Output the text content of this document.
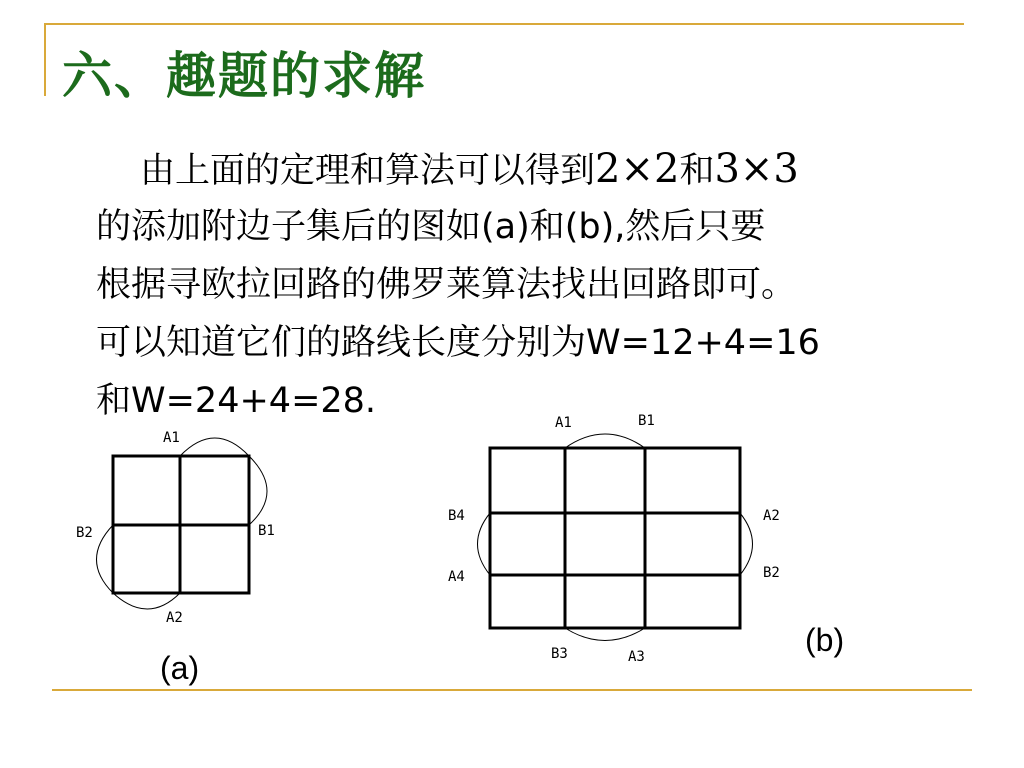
六、趣题的求解
由上面的定理和算法可以得到2×2和3×3
的添加附边子集后的图如(a)和(b),然后只要
根据寻欧拉回路的佛罗莱算法找出回路即可。
可以知道它们的路线长度分别为W=12+4=16
和W=24+4=28.
A1
B1
B2
A2
(a)
A1	B1
A2
B2
A3
B3
A4
B4
(b)
